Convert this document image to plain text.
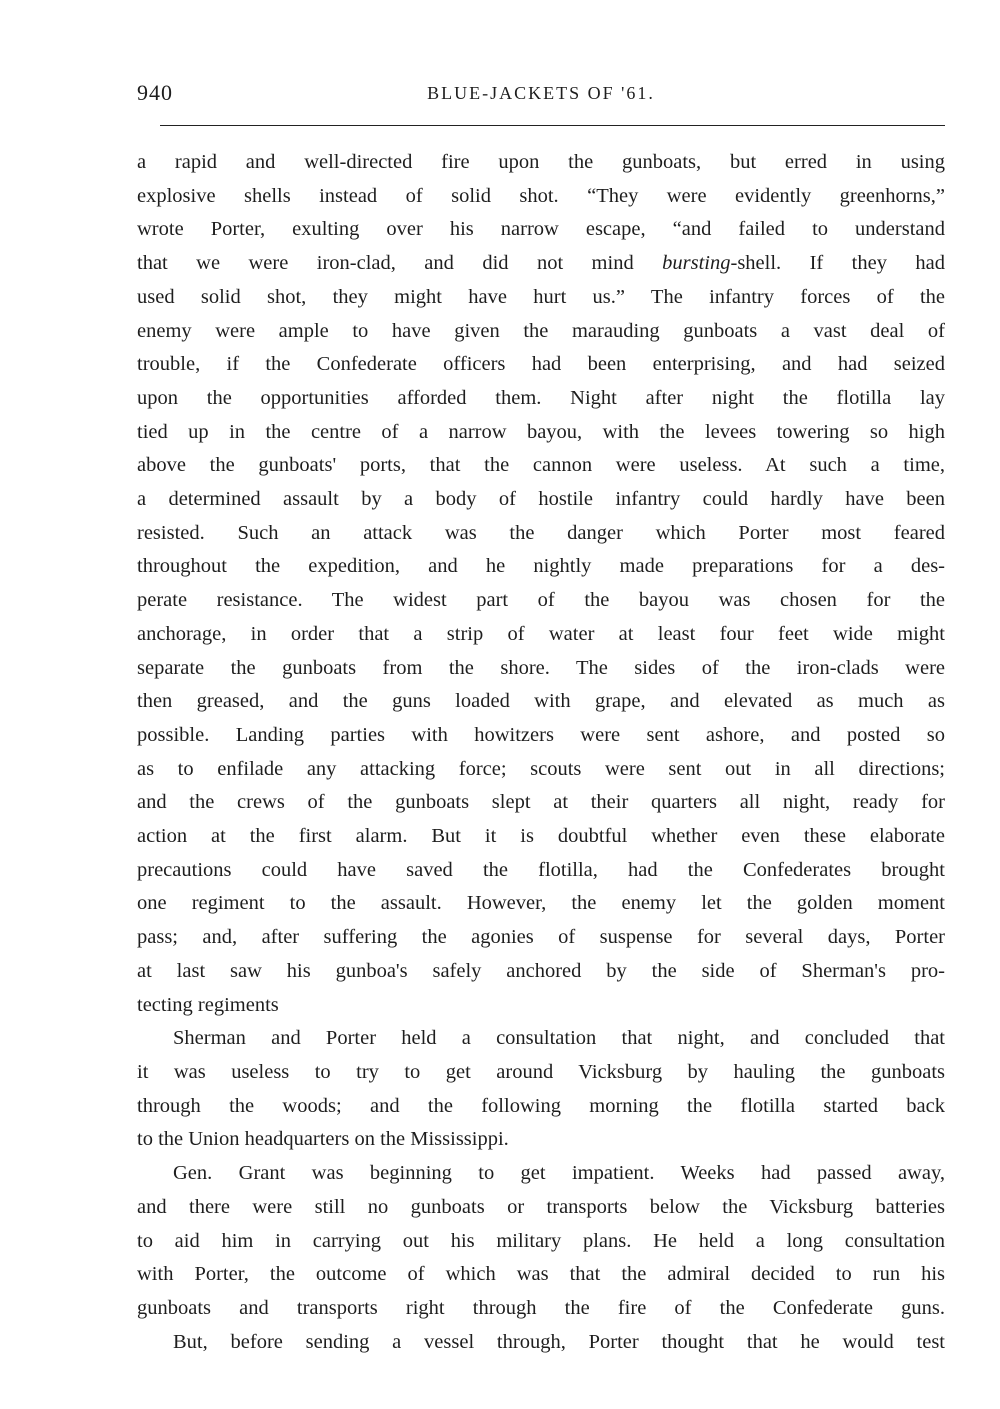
940	BLUE-JACKETS OF '61.
a rapid and well-directed fire upon the gunboats, but erred in using
explosive shells instead of solid shot. “They were evidently greenhorns,”
wrote Porter, exulting over his narrow escape, “and failed to understand
that we were iron-clad, and did not mind bursting-shell. If they had
used solid shot, they might have hurt us.” The infantry forces of the
enemy were ample to have given the marauding gunboats a vast deal of
trouble, if the Confederate officers had been enterprising, and had seized
upon the opportunities afforded them. Night after night the flotilla lay
tied up in the centre of a narrow bayou, with the levees towering so high
above the gunboats' ports, that the cannon were useless. At such a time,
a determined assault by a body of hostile infantry could hardly have been
resisted. Such an attack was the danger which Porter most feared
throughout the expedition, and he nightly made preparations for a des-
perate resistance. The widest part of the bayou was chosen for the
anchorage, in order that a strip of water at least four feet wide might
separate the gunboats from the shore. The sides of the iron-clads were
then greased, and the guns loaded with grape, and elevated as much as
possible. Landing parties with howitzers were sent ashore, and posted so
as to enfilade any attacking force; scouts were sent out in all directions;
and the crews of the gunboats slept at their quarters all night, ready for
action at the first alarm. But it is doubtful whether even these elaborate
precautions could have saved the flotilla, had the Confederates brought
one regiment to the assault. However, the enemy let the golden moment
pass; and, after suffering the agonies of suspense for several days, Porter
at last saw his gunboa's safely anchored by the side of Sherman's pro-
tecting regiments
Sherman and Porter held a consultation that night, and concluded that
it was useless to try to get around Vicksburg by hauling the gunboats
through the woods; and the following morning the flotilla started back
to the Union headquarters on the Mississippi.
Gen. Grant was beginning to get impatient. Weeks had passed away,
and there were still no gunboats or transports below the Vicksburg batteries
to aid him in carrying out his military plans. He held a long consultation
with Porter, the outcome of which was that the admiral decided to run his
gunboats and transports right through the fire of the Confederate guns.
But, before sending a vessel through, Porter thought that he would test
